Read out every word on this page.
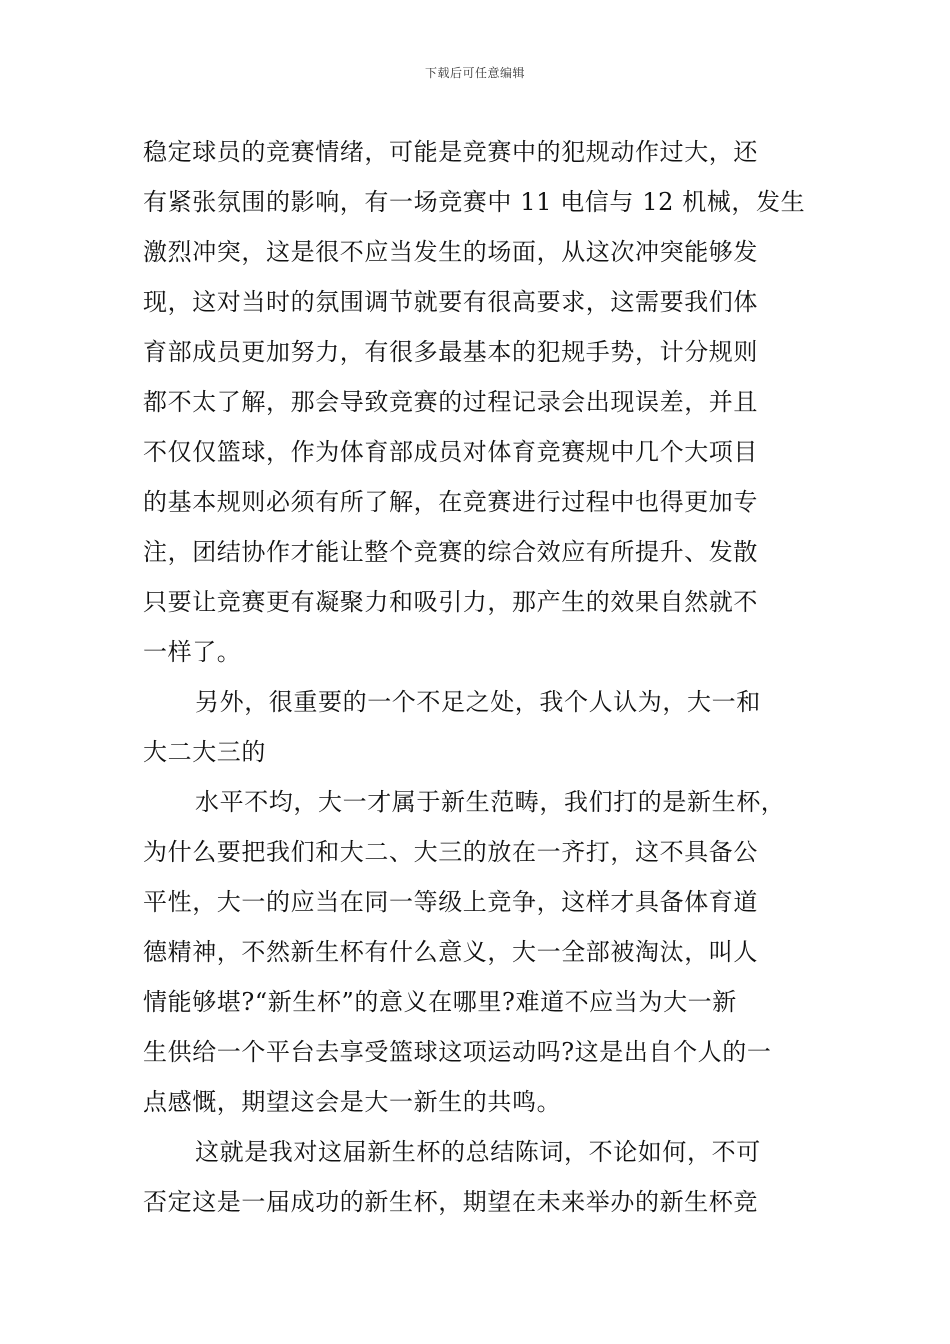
下载后可任意编辑
稳定球员的竞赛情绪，可能是竞赛中的犯规动作过大，还
有紧张氛围的影响，有一场竞赛中 11 电信与 12 机械，发生
激烈冲突，这是很不应当发生的场面，从这次冲突能够发
现，这对当时的氛围调节就要有很高要求，这需要我们体
育部成员更加努力，有很多最基本的犯规手势，计分规则
都不太了解，那会导致竞赛的过程记录会出现误差，并且
不仅仅篮球，作为体育部成员对体育竞赛规中几个大项目
的基本规则必须有所了解，在竞赛进行过程中也得更加专
注，团结协作才能让整个竞赛的综合效应有所提升、发散
只要让竞赛更有凝聚力和吸引力，那产生的效果自然就不
一样了。
另外，很重要的一个不足之处，我个人认为，大一和
大二大三的
水平不均，大一才属于新生范畴，我们打的是新生杯，
为什么要把我们和大二、大三的放在一齐打，这不具备公
平性，大一的应当在同一等级上竞争，这样才具备体育道
德精神，不然新生杯有什么意义，大一全部被淘汰，叫人
情能够堪?“新生杯”的意义在哪里?难道不应当为大一新
生供给一个平台去享受篮球这项运动吗?这是出自个人的一
点感慨，期望这会是大一新生的共鸣。
这就是我对这届新生杯的总结陈词，不论如何，不可
否定这是一届成功的新生杯，期望在未来举办的新生杯竞
